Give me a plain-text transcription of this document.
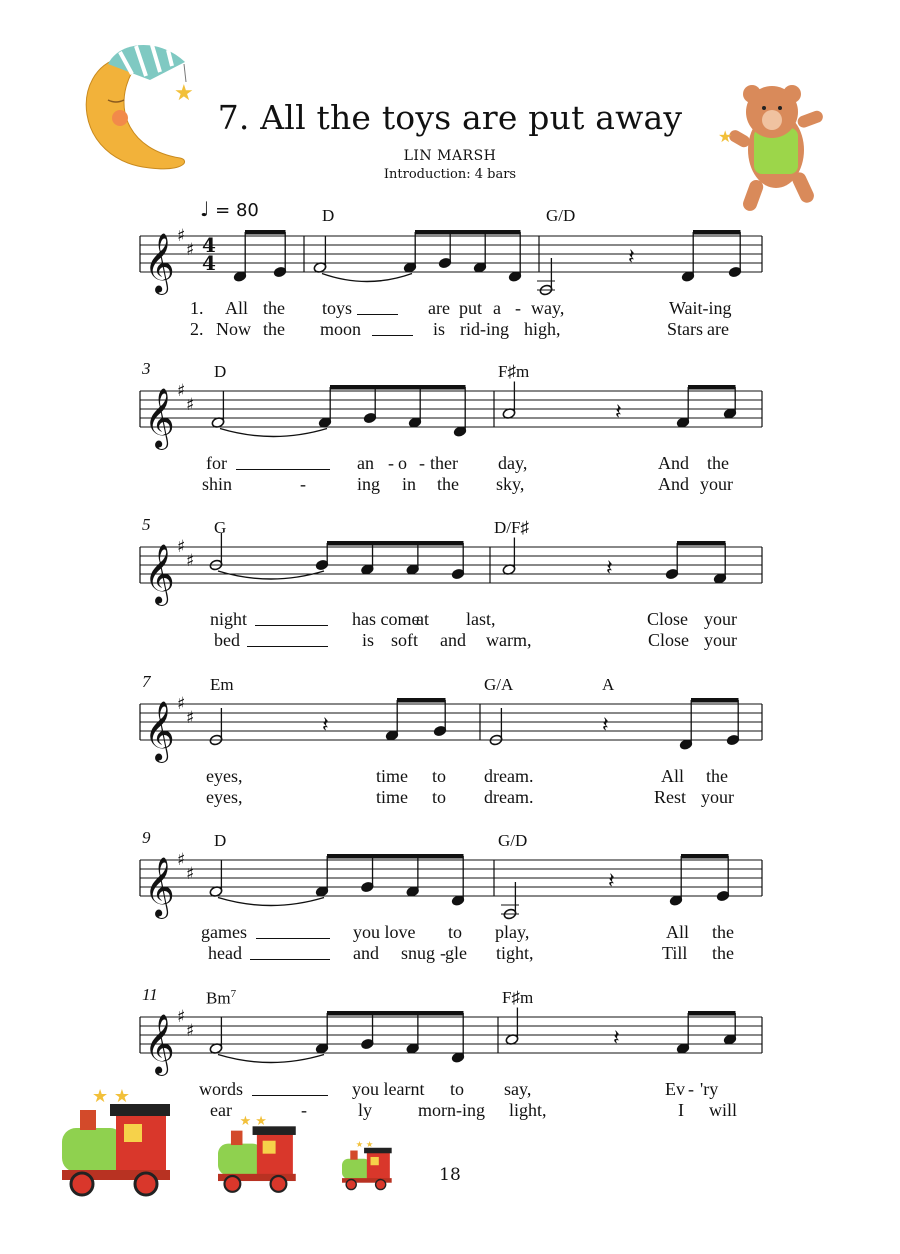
𝄞 ♯
♯ 4
4	𝄽
𝄞 ♯
♯	𝄽
𝄞 ♯
♯	𝄽
𝄞 ♯
♯	𝄽	𝄽
𝄞 ♯
♯	𝄽
𝄞 ♯
♯	𝄽
★
★
★ ★
★ ★
★ ★
7. All the toys are put away
LIN MARSH
Introduction: 4 bars
♩ = 80	D	G/D
1. All the toys	are put a - way,	Wait-ing
2. Now the moon	is rid-ing high,	Stars are
3	D	F♯m
for	an - o - ther day,	And the
shin	-	ing in the sky,	And your
5	G	D/F♯
night	has come
at last,	Close your
bed	is soft and warm,	Close your
7	Em	G/A	A
eyes,	time to dream.	All the
eyes,	time to dream.	Rest your
9	D	G/D
games	you love to play,	All the
head	and snug - gle tight,	Till the
11	Bm$^7$	F♯m
words	you learnt to say,	Ev - 'ry
ear	-	ly	morn-ing light,	I will
18
